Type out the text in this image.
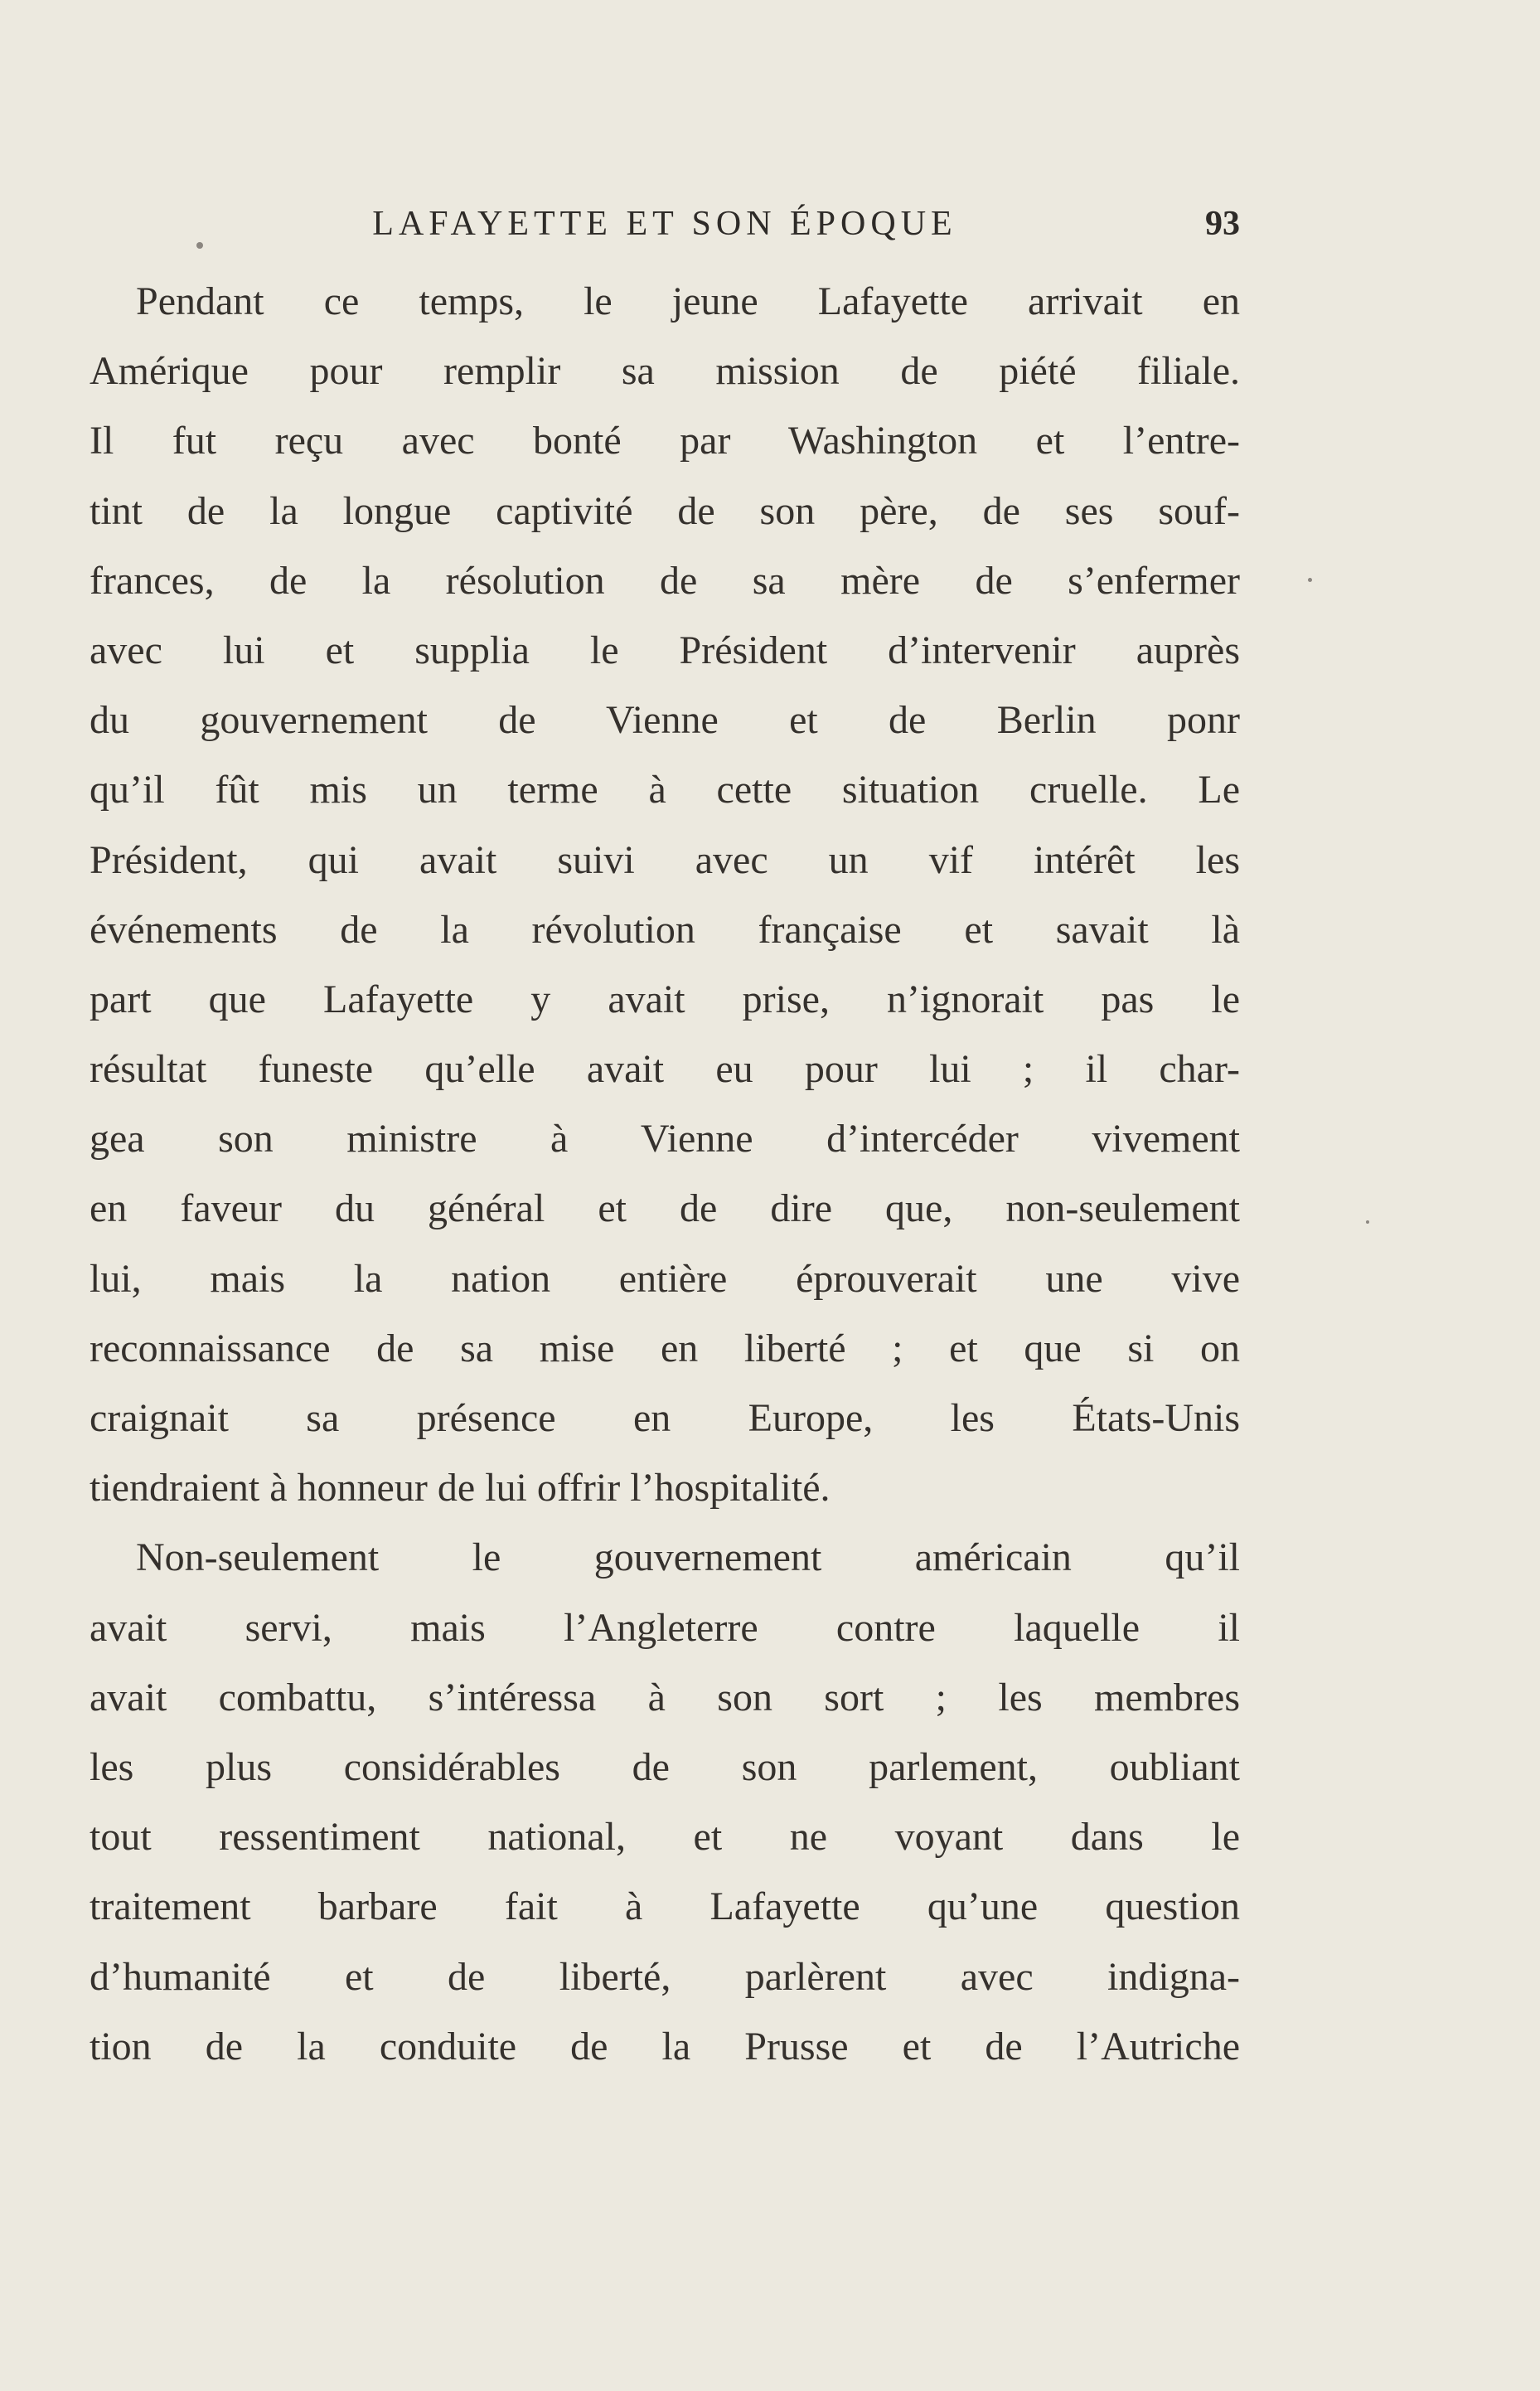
LAFAYETTE ET SON ÉPOQUE	93
Pendant ce temps, le jeune Lafayette arrivait en
Amérique pour remplir sa mission de piété filiale.
Il fut reçu avec bonté par Washington et l’entre-
tint de la longue captivité de son père, de ses souf-
frances, de la résolution de sa mère de s’enfermer
avec lui et supplia le Président d’intervenir auprès
du gouvernement de Vienne et de Berlin ponr
qu’il fût mis un terme à cette situation cruelle. Le
Président, qui avait suivi avec un vif intérêt les
événements de la révolution française et savait là
part que Lafayette y avait prise, n’ignorait pas le
résultat funeste qu’elle avait eu pour lui ; il char-
gea son ministre à Vienne d’intercéder vivement
en faveur du général et de dire que, non-seulement
lui, mais la nation entière éprouverait une vive
reconnaissance de sa mise en liberté ; et que si on
craignait sa présence en Europe, les États-Unis
tiendraient à honneur de lui offrir l’hospitalité.
Non-seulement le gouvernement américain qu’il
avait servi, mais l’Angleterre contre laquelle il
avait combattu, s’intéressa à son sort ; les membres
les plus considérables de son parlement, oubliant
tout ressentiment national, et ne voyant dans le
traitement barbare fait à Lafayette qu’une question
d’humanité et de liberté, parlèrent avec indigna-
tion de la conduite de la Prusse et de l’Autriche
